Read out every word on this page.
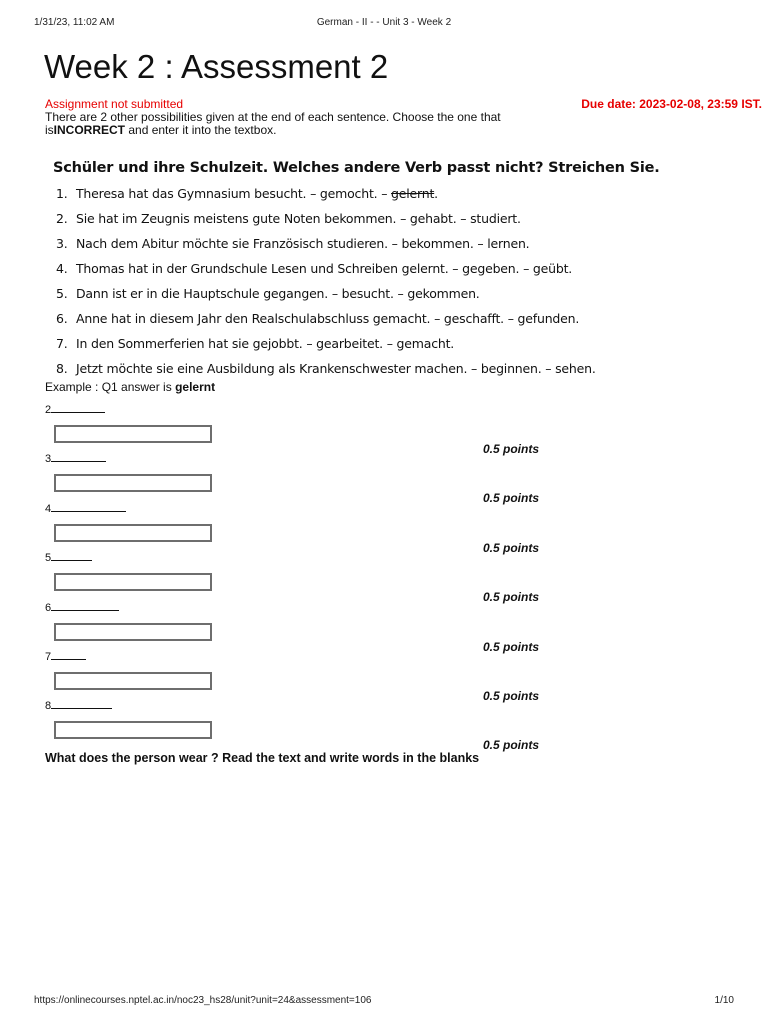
1/31/23, 11:02 AM	German - II - - Unit 3 - Week 2
Week 2 : Assessment 2
Assignment not submitted	Due date: 2023-02-08, 23:59 IST.
There are 2 other possibilities given at the end of each sentence. Choose the one that isINCORRECT and enter it into the textbox.
Schüler und ihre Schulzeit. Welches andere Verb passt nicht? Streichen Sie.
1. Theresa hat das Gymnasium besucht. – gemocht. – gelernt.
2. Sie hat im Zeugnis meistens gute Noten bekommen. – gehabt. – studiert.
3. Nach dem Abitur möchte sie Französisch studieren. – bekommen. – lernen.
4. Thomas hat in der Grundschule Lesen und Schreiben gelernt. – gegeben. – geübt.
5. Dann ist er in die Hauptschule gegangen. – besucht. – gekommen.
6. Anne hat in diesem Jahr den Realschulabschluss gemacht. – geschafft. – gefunden.
7. In den Sommerferien hat sie gejobbt. – gearbeitet. – gemacht.
8. Jetzt möchte sie eine Ausbildung als Krankenschwester machen. – beginnen. – sehen.
Example : Q1 answer is gelernt
2
0.5 points
3
0.5 points
4
0.5 points
5
0.5 points
6
0.5 points
7
0.5 points
8
0.5 points
What does the person wear ? Read the text and write words in the blanks
https://onlinecourses.nptel.ac.in/noc23_hs28/unit?unit=24&assessment=106	1/10
